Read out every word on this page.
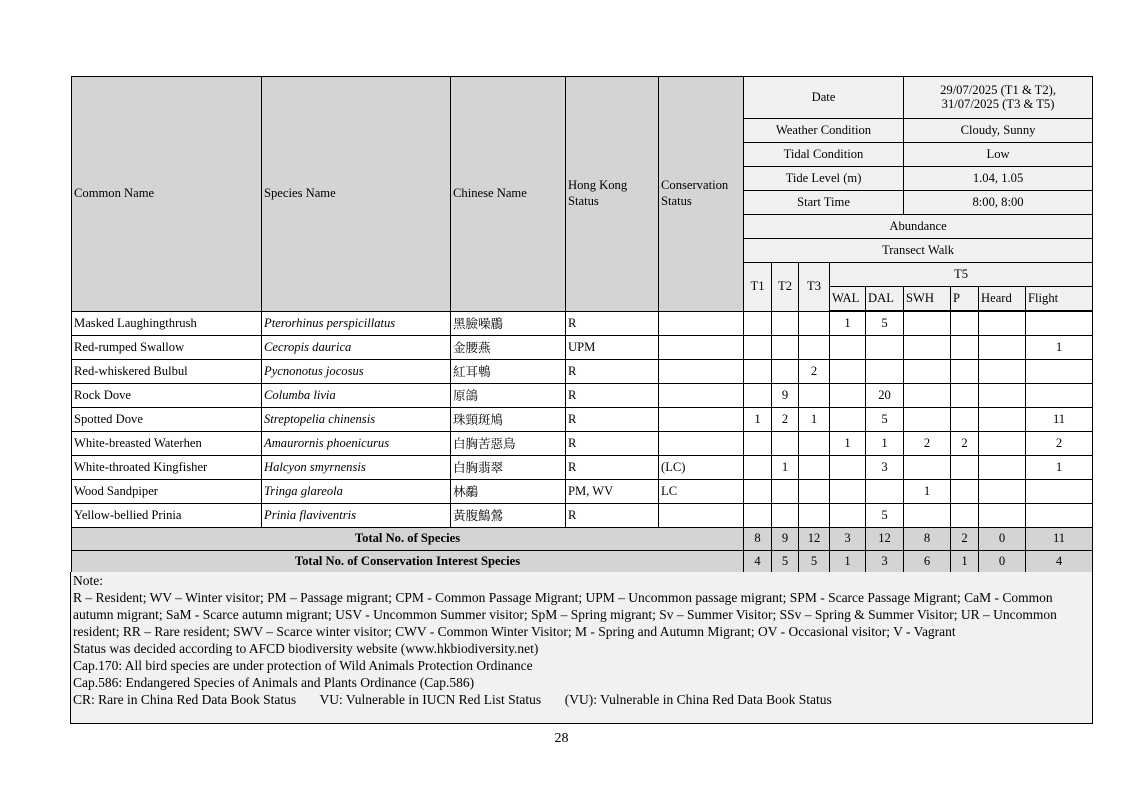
Common Name	Species Name	Chinese Name	Hong Kong Status	Conservation Status	Date					29/07/2025 (T1 & T2),
31/07/2025 (T3 & T5)			

					Weather Condition					Cloudy, Sunny			
					Tidal Condition					Low			
					Tide Level (m)					1.04, 1.05			
					Start Time					8:00, 8:00			
					Abundance								
					Transect Walk								
					T1	T2	T3	T5					
								WAL	DAL	SWH	P	Heard	Flight

Masked Laughingthrush	Pterorhinus perspicillatus	黑臉噪鶥	R					1	5				
Red-rumped Swallow	Cecropis daurica	金腰燕	UPM										1
Red-whiskered Bulbul	Pycnonotus jocosus	紅耳鵯	R				2						
Rock Dove	Columba livia	原鴿	R			9			20				
Spotted Dove	Streptopelia chinensis	珠頸斑鳩	R		1	2	1		5				11
White-breasted Waterhen	Amaurornis phoenicurus	白胸苦惡鳥	R					1	1	2	2		2
White-throated Kingfisher	Halcyon smyrnensis	白胸翡翠	R	(LC)		1			3				1
Wood Sandpiper	Tringa glareola	林鷸	PM, WV	LC						1			
Yellow-bellied Prinia	Prinia flaviventris	黃腹鷦鶯	R						5				
Total No. of Species					8	9	12	3	12	8	2	0	11
Total No. of Conservation Interest Species					4	5	5	1	3	6	1	0	4
Note:
R – Resident; WV – Winter visitor; PM – Passage migrant; CPM - Common Passage Migrant; UPM – Uncommon passage migrant; SPM - Scarce Passage Migrant; CaM - Common autumn migrant; SaM - Scarce autumn migrant; USV - Uncommon Summer visitor; SpM – Spring migrant; Sv – Summer Visitor; SSv – Spring & Summer Visitor; UR – Uncommon resident; RR – Rare resident; SWV – Scarce winter visitor; CWV - Common Winter Visitor; M - Spring and Autumn Migrant; OV - Occasional visitor; V - Vagrant
Status was decided according to AFCD biodiversity website (www.hkbiodiversity.net)
Cap.170: All bird species are under protection of Wild Animals Protection Ordinance
Cap.586: Endangered Species of Animals and Plants Ordinance (Cap.586)
CR: Rare in China Red Data Book Status       VU: Vulnerable in IUCN Red List Status       (VU): Vulnerable in China Red Data Book Status
28
